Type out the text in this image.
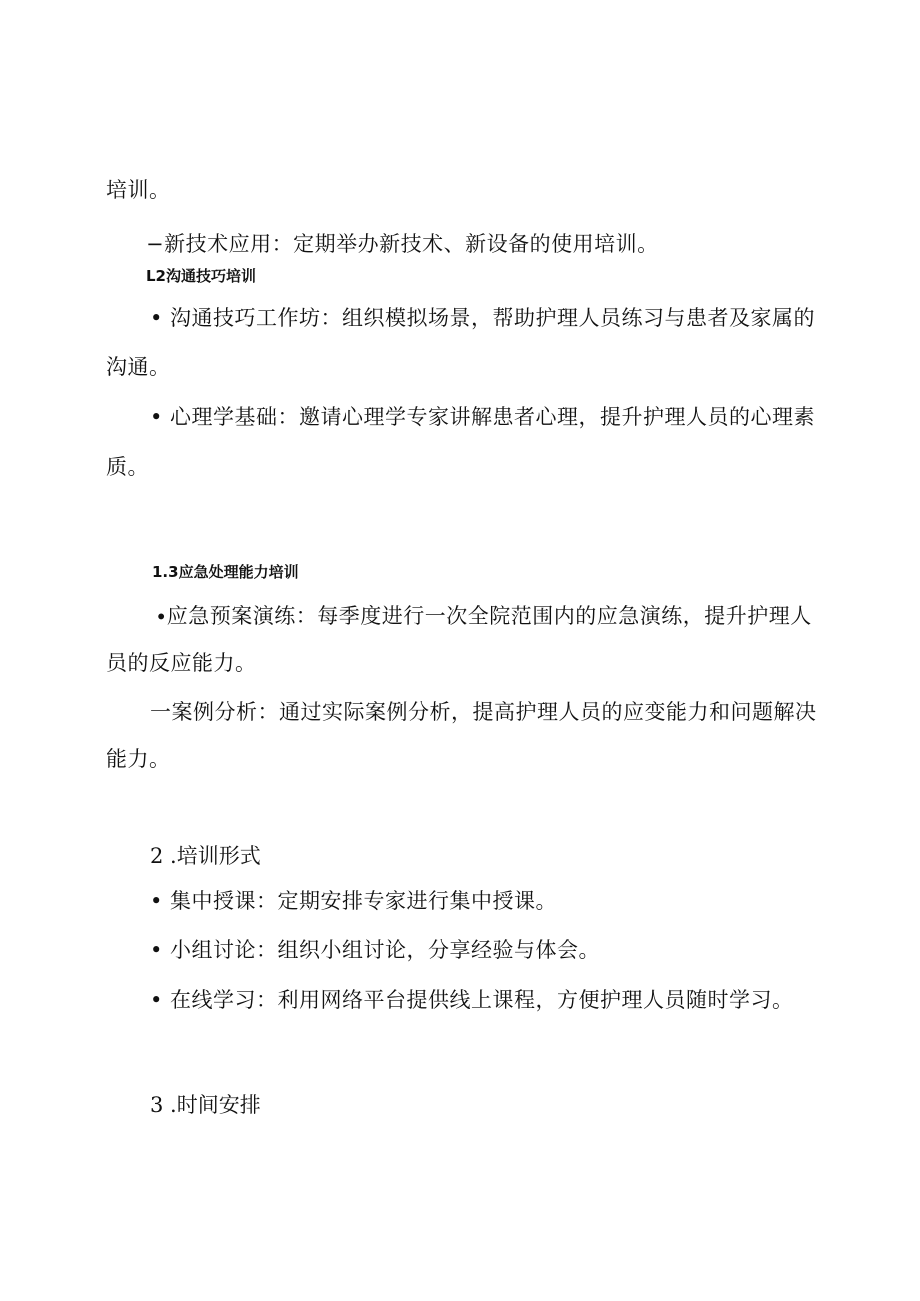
培训。
−新技术应用：定期举办新技术、新设备的使用培训。
L2沟通技巧培训
• 沟通技巧工作坊：组织模拟场景，帮助护理人员练习与患者及家属的
沟通。
• 心理学基础：邀请心理学专家讲解患者心理，提升护理人员的心理素
质。
1.3应急处理能力培训
∙应急预案演练：每季度进行一次全院范围内的应急演练，提升护理人
员的反应能力。
一案例分析：通过实际案例分析，提高护理人员的应变能力和问题解决
能力。
2 .培训形式
• 集中授课：定期安排专家进行集中授课。
• 小组讨论：组织小组讨论，分享经验与体会。
• 在线学习：利用网络平台提供线上课程，方便护理人员随时学习。
3 .时间安排
